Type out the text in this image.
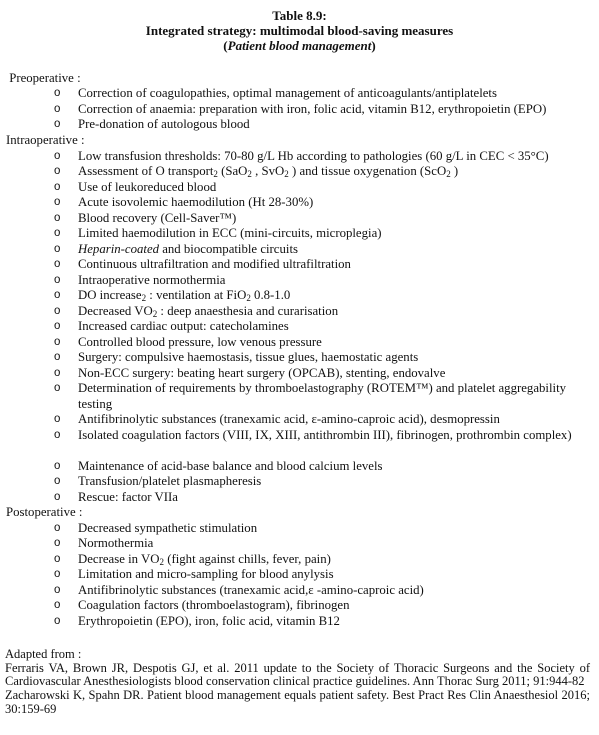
Table 8.9:
Integrated strategy: multimodal blood-saving measures
(Patient blood management)
Preoperative :
o	Correction of coagulopathies, optimal management of anticoagulants/antiplatelets
o	Correction of anaemia: preparation with iron, folic acid, vitamin B12, erythropoietin (EPO)
o	Pre-donation of autologous blood
Intraoperative :
o	Low transfusion thresholds: 70-80 g/L Hb according to pathologies (60 g/L in CEC < 35°C)
o	Assessment of O transport$_2$ (SaO$_2$ , SvO$_2$ ) and tissue oxygenation (ScO$_2$ )
o	Use of leukoreduced blood
o	Acute isovolemic haemodilution (Ht 28-30%)
o	Blood recovery (Cell-Saver™)
o	Limited haemodilution in ECC (mini-circuits, microplegia)
o	Heparin-coated and biocompatible circuits
o	Continuous ultrafiltration and modified ultrafiltration
o	Intraoperative normothermia
o	DO increase$_2$ : ventilation at FiO$_2$ 0.8-1.0
o	Decreased $VO_2$ : deep anaesthesia and curarisation
o	Increased cardiac output: catecholamines
o	Controlled blood pressure, low venous pressure
o	Surgery: compulsive haemostasis, tissue glues, haemostatic agents
o	Non-ECC surgery: beating heart surgery (OPCAB), stenting, endovalve
o	Determination of requirements by thromboelastography (ROTEM™) and platelet aggregability testing
o	Antifibrinolytic substances (tranexamic acid, ε-amino-caproic acid), desmopressin
o	Isolated coagulation factors (VIII, IX, XIII, antithrombin III), fibrinogen, prothrombin complex)
o	Maintenance of acid-base balance and blood calcium levels
o	Transfusion/platelet plasmapheresis
o	Rescue: factor VIIa
Postoperative :
o	Decreased sympathetic stimulation
o	Normothermia
o	Decrease in $VO_2$ (fight against chills, fever, pain)
o	Limitation and micro-sampling for blood anylysis
o	Antifibrinolytic substances (tranexamic acid,ε -amino-caproic acid)
o	Coagulation factors (thromboelastogram), fibrinogen
o	Erythropoietin (EPO), iron, folic acid, vitamin B12
Adapted from :
Ferraris VA, Brown JR, Despotis GJ, et al. 2011 update to the Society of Thoracic Surgeons and the Society of Cardiovascular Anesthesiologists blood conservation clinical practice guidelines. Ann Thorac Surg 2011; 91:944-82
Zacharowski K, Spahn DR. Patient blood management equals patient safety. Best Pract Res Clin Anaesthesiol 2016; 30:159-69
